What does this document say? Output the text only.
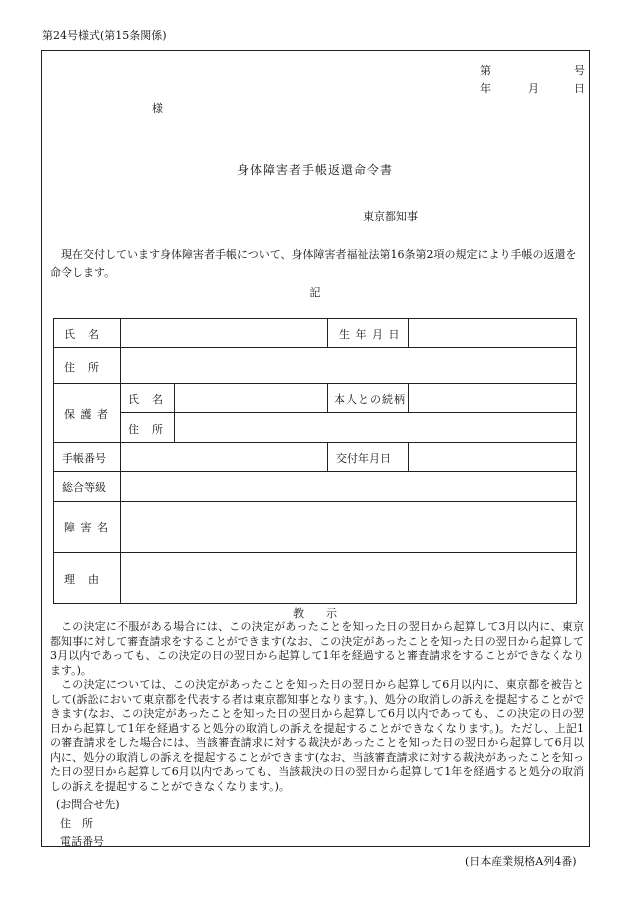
第24号様式(第15条関係)
第	号
年	月	日
様
身体障害者手帳返還命令書
東京都知事
現在交付しています身体障害者手帳について、身体障害者福祉法第16条第2項の規定により手帳の返還を命令します。
記
氏　名	生 年 月 日
住　所
保 護 者
氏　名	本人との続柄
住　所
手帳番号	交付年月日
総合等級
障 害 名
理　由
教　　示
この決定に不服がある場合には、この決定があったことを知った日の翌日から起算して3月以内に、東京都知事に対して審査請求をすることができます(なお、この決定があったことを知った日の翌日から起算して3月以内であっても、この決定の日の翌日から起算して1年を経過すると審査請求をすることができなくなります。)。
この決定については、この決定があったことを知った日の翌日から起算して6月以内に、東京都を被告として(訴訟において東京都を代表する者は東京都知事となります。)、処分の取消しの訴えを提起することができます(なお、この決定があったことを知った日の翌日から起算して6月以内であっても、この決定の日の翌日から起算して1年を経過すると処分の取消しの訴えを提起することができなくなります。)。ただし、上記1の審査請求をした場合には、当該審査請求に対する裁決があったことを知った日の翌日から起算して6月以内に、処分の取消しの訴えを提起することができます(なお、当該審査請求に対する裁決があったことを知った日の翌日から起算して6月以内であっても、当該裁決の日の翌日から起算して1年を経過すると処分の取消しの訴えを提起することができなくなります。)。
(お問合せ先)
住　所
電話番号
(日本産業規格A列4番)
